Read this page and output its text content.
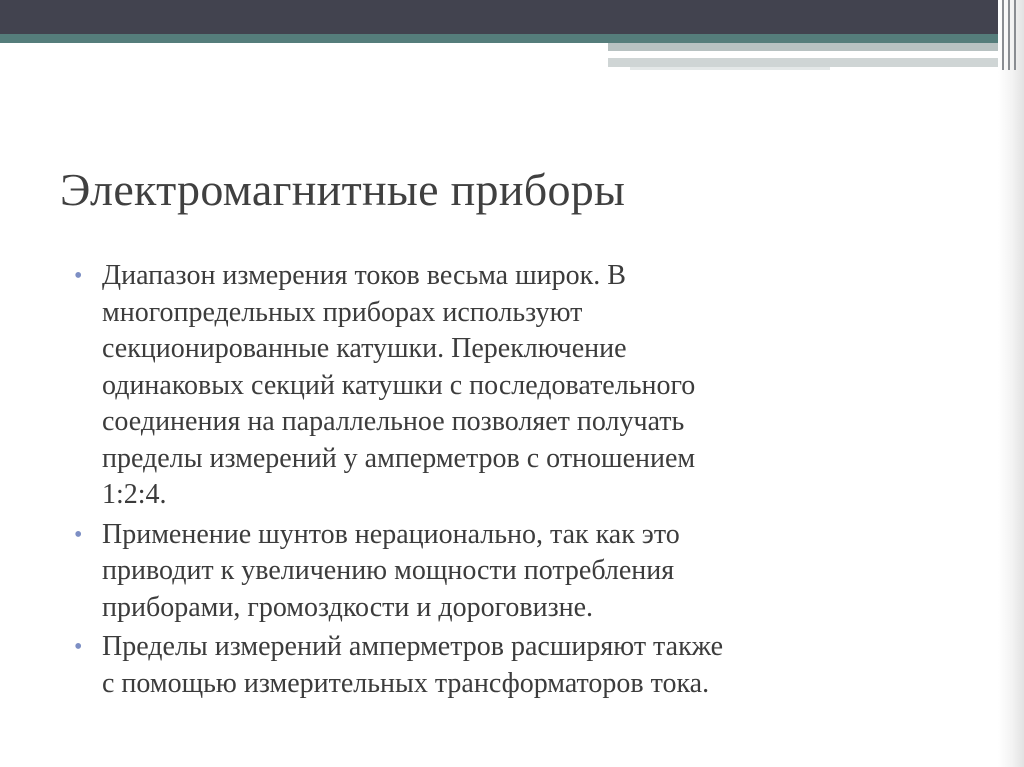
Электромагнитные приборы
• Диапазон измерения токов весьма широк. В
многопредельных приборах используют
секционированные катушки. Переключение
одинаковых секций катушки с последовательного
соединения на параллельное позволяет получать
пределы измерений у амперметров с отношением
1:2:4.
• Применение шунтов нерационально, так как это
приводит к увеличению мощности потребления
приборами, громоздкости и дороговизне.
• Пределы измерений амперметров расширяют также
с помощью измерительных трансформаторов тока.
